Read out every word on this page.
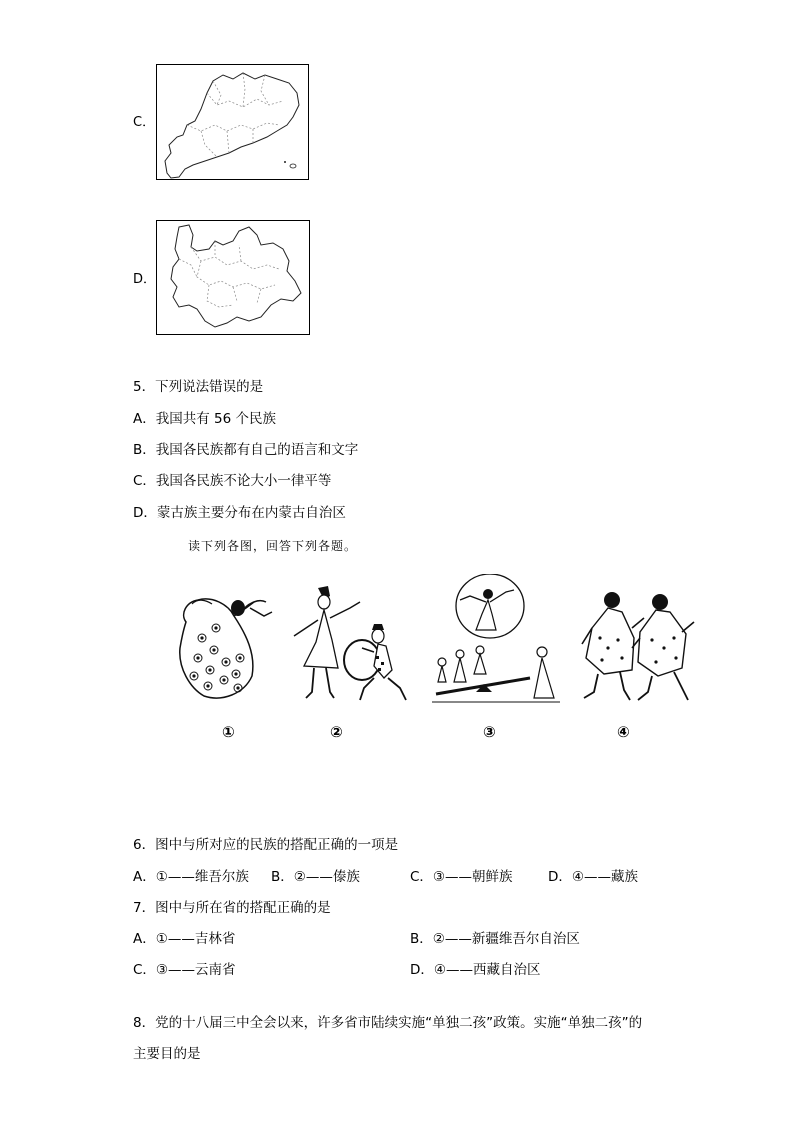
C．
D．
5．下列说法错误的是
A．我国共有 56 个民族
B．我国各民族都有自己的语言和文字
C．我国各民族不论大小一律平等
D．蒙古族主要分布在内蒙古自治区
读下列各图，回答下列各题。
①	②	③	④
6．图中与所对应的民族的搭配正确的一项是
A．①——维吾尔族 B．②——傣族	C．③——朝鲜族	D．④——藏族
7．图中与所在省的搭配正确的是
A．①——吉林省	B．②——新疆维吾尔自治区
C．③——云南省	D．④——西藏自治区
8．党的十八届三中全会以来，许多省市陆续实施“单独二孩”政策。实施“单独二孩”的
主要目的是
